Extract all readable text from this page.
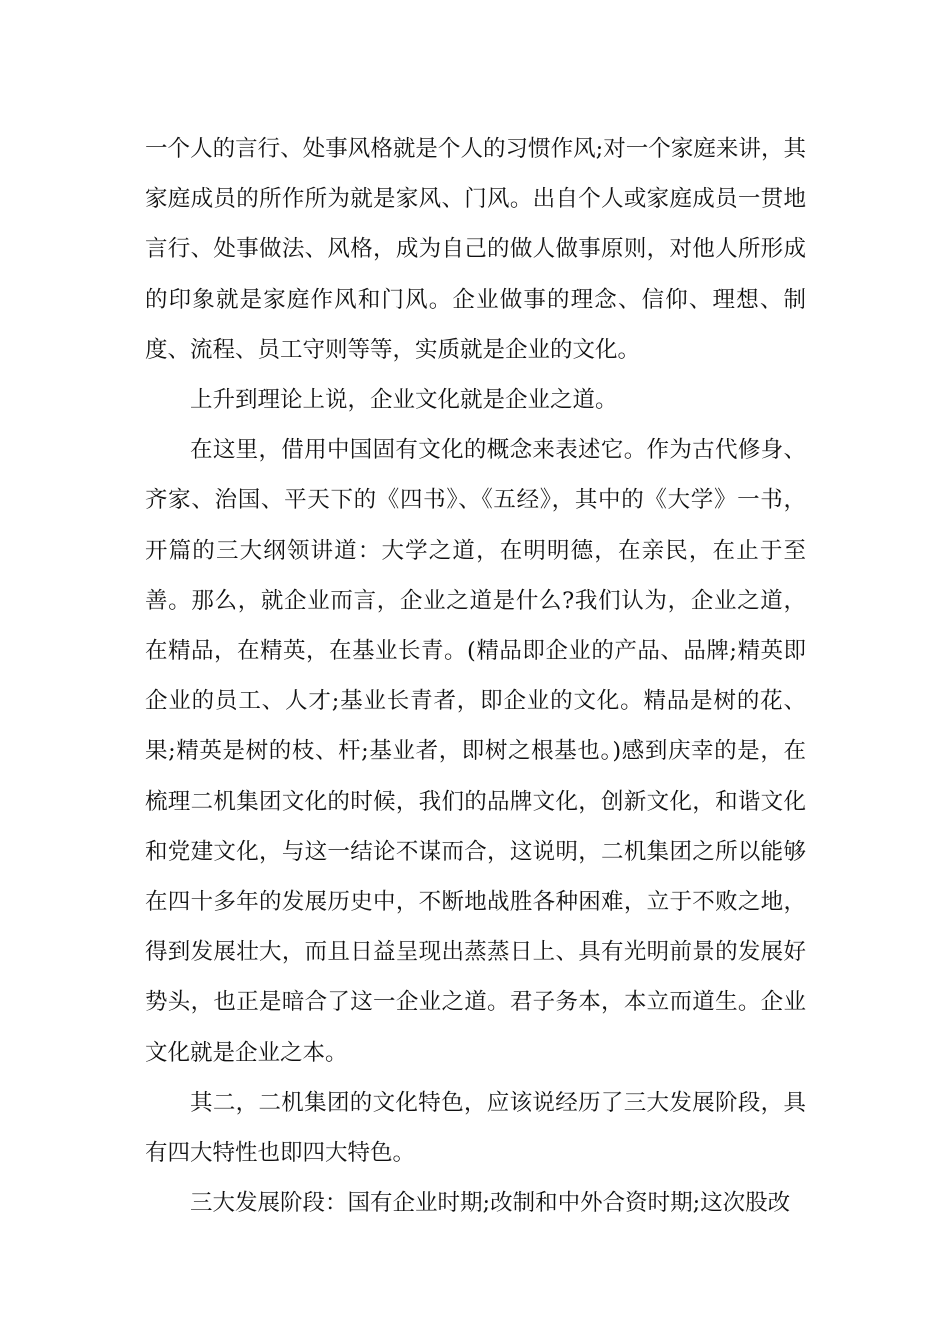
一个人的言行、处事风格就是个人的习惯作风;对一个家庭来讲，其家庭成员的所作所为就是家风、门风。出自个人或家庭成员一贯地言行、处事做法、风格，成为自己的做人做事原则，对他人所形成的印象就是家庭作风和门风。企业做事的理念、信仰、理想、制度、流程、员工守则等等，实质就是企业的文化。

上升到理论上说，企业文化就是企业之道。

在这里，借用中国固有文化的概念来表述它。作为古代修身、齐家、治国、平天下的《四书》、《五经》，其中的《大学》一书，开篇的三大纲领讲道：大学之道，在明明德，在亲民，在止于至善。那么，就企业而言，企业之道是什么?我们认为，企业之道，在精品，在精英，在基业长青。(精品即企业的产品、品牌;精英即企业的员工、人才;基业长青者，即企业的文化。精品是树的花、果;精英是树的枝、杆;基业者，即树之根基也。)感到庆幸的是，在梳理二机集团文化的时候，我们的品牌文化，创新文化，和谐文化和党建文化，与这一结论不谋而合，这说明，二机集团之所以能够在四十多年的发展历史中，不断地战胜各种困难，立于不败之地，得到发展壮大，而且日益呈现出蒸蒸日上、具有光明前景的发展好势头，也正是暗合了这一企业之道。君子务本，本立而道生。企业文化就是企业之本。

其二，二机集团的文化特色，应该说经历了三大发展阶段，具有四大特性也即四大特色。

三大发展阶段：国有企业时期;改制和中外合资时期;这次股改
